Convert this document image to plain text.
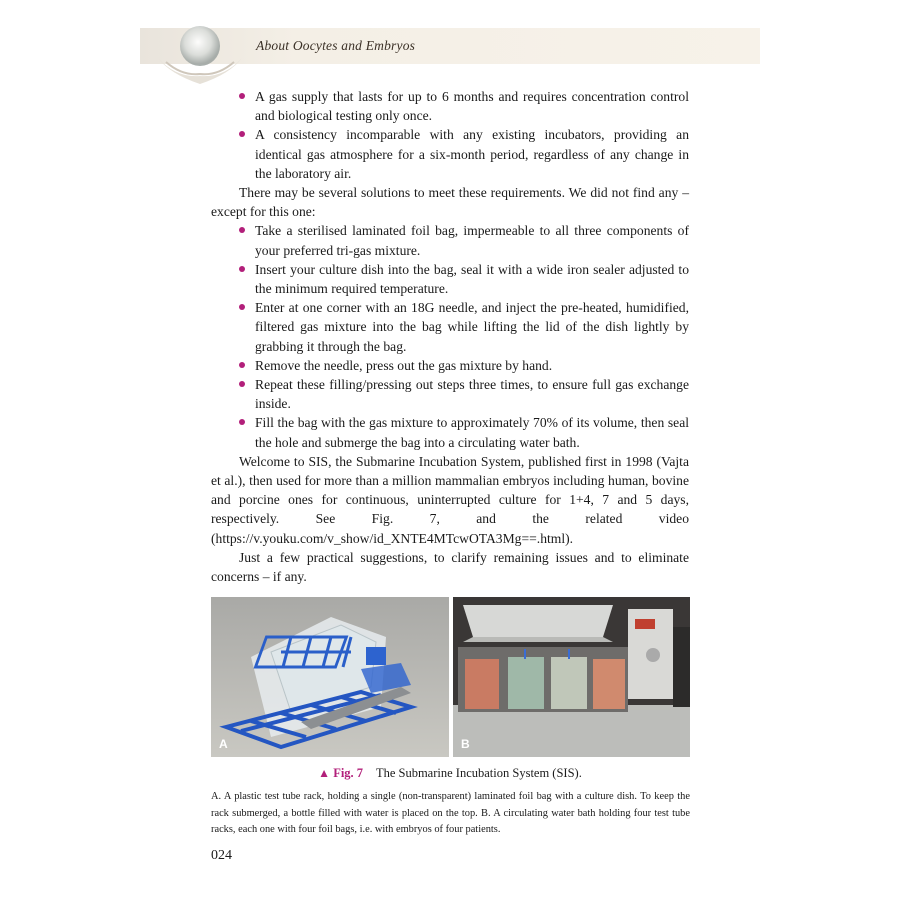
About Oocytes and Embryos
A gas supply that lasts for up to 6 months and requires concentration control and biological testing only once.
A consistency incomparable with any existing incubators, providing an identical gas atmosphere for a six-month period, regardless of any change in the laboratory air.
There may be several solutions to meet these requirements. We did not find any – except for this one:
Take a sterilised laminated foil bag, impermeable to all three components of your preferred tri-gas mixture.
Insert your culture dish into the bag, seal it with a wide iron sealer adjusted to the minimum required temperature.
Enter at one corner with an 18G needle, and inject the pre-heated, humidified, filtered gas mixture into the bag while lifting the lid of the dish lightly by grabbing it through the bag.
Remove the needle, press out the gas mixture by hand.
Repeat these filling/pressing out steps three times, to ensure full gas exchange inside.
Fill the bag with the gas mixture to approximately 70% of its volume, then seal the hole and submerge the bag into a circulating water bath.
Welcome to SIS, the Submarine Incubation System, published first in 1998 (Vajta et al.), then used for more than a million mammalian embryos including human, bovine and porcine ones for continuous, uninterrupted culture for 1+4, 7 and 5 days, respectively. See Fig. 7, and the related video (https://v.youku.com/v_show/id_XNTE4MTcwOTA3Mg==.html).
Just a few practical suggestions, to clarify remaining issues and to eliminate concerns – if any.
A	B
▲ Fig. 7 The Submarine Incubation System (SIS).
A. A plastic test tube rack, holding a single (non-transparent) laminated foil bag with a culture dish. To keep the rack submerged, a bottle filled with water is placed on the top. B. A circulating water bath holding four test tube racks, each one with four foil bags, i.e. with embryos of four patients.
024
